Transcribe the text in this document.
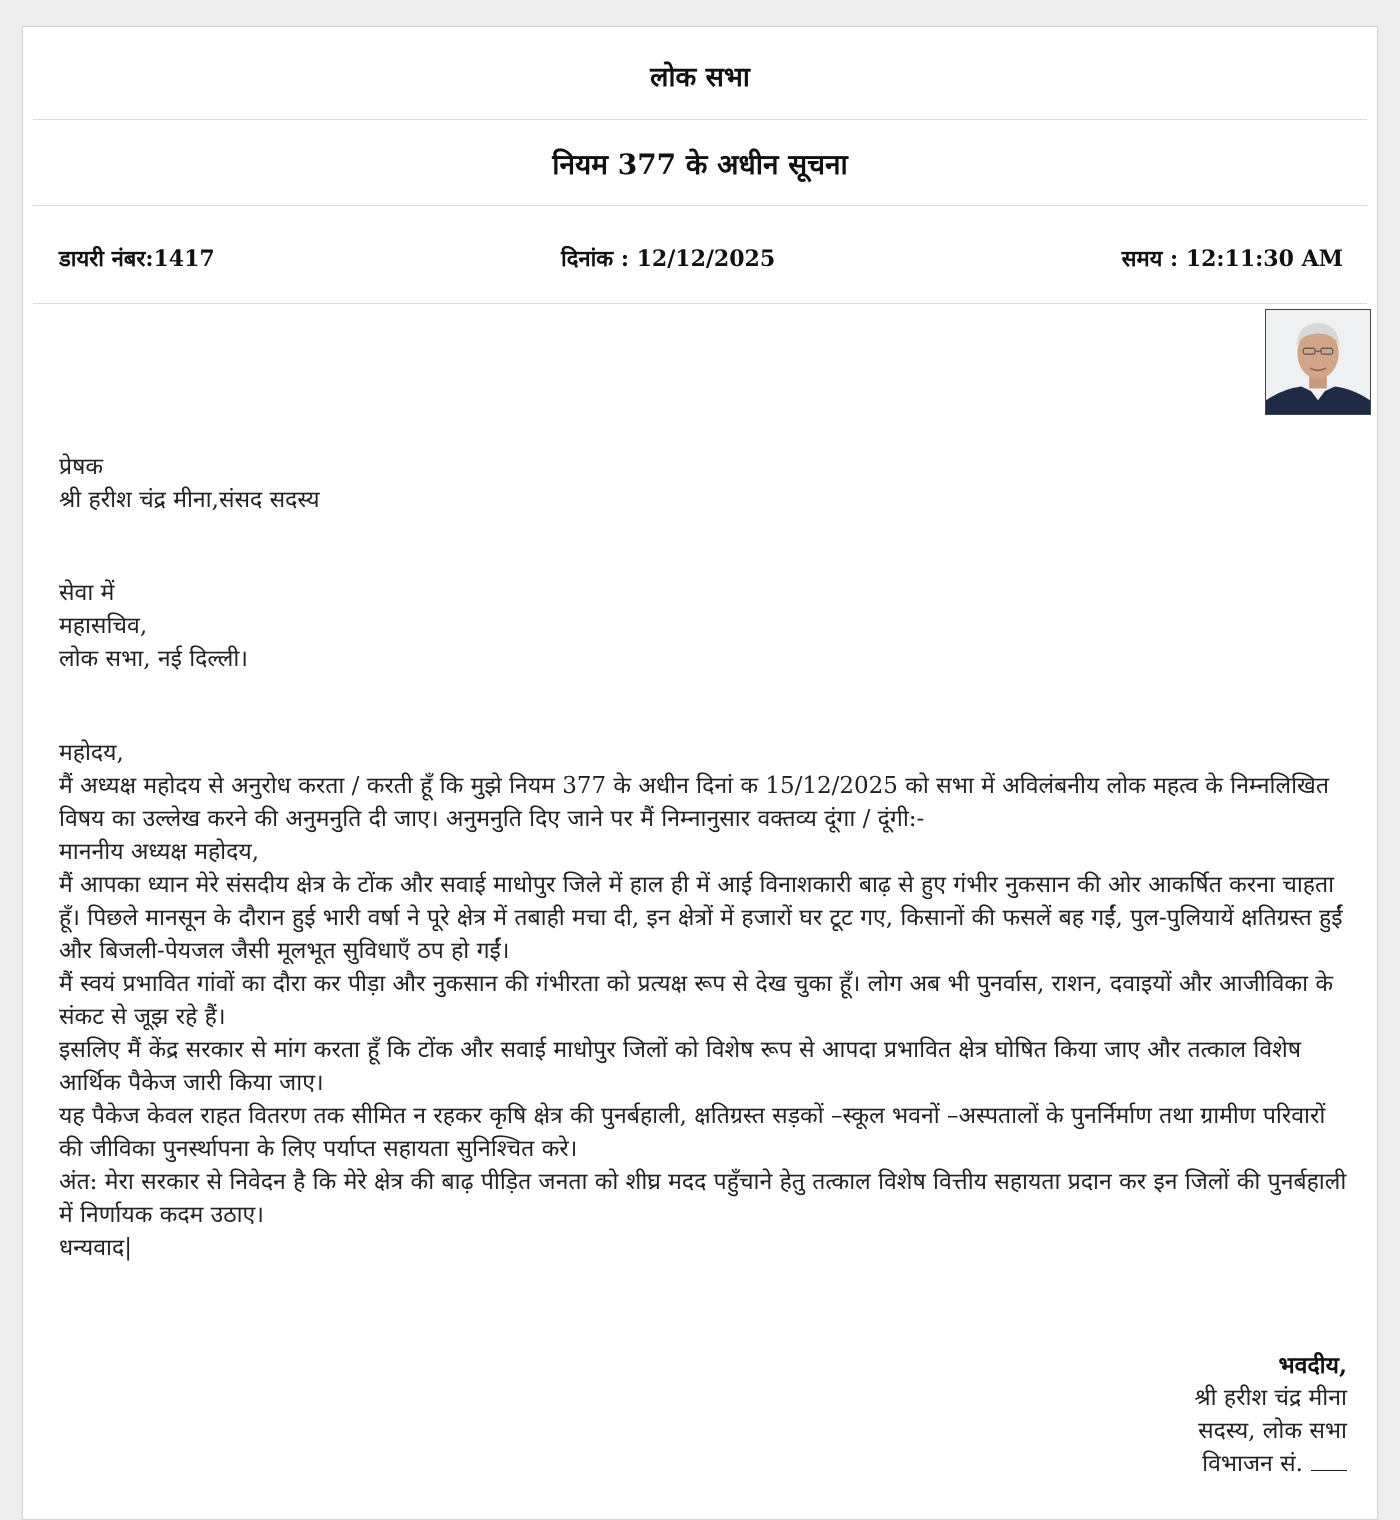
लोक सभा
नियम 377 के अधीन सूचना
डायरी नंबर:1417	दिनांक : 12/12/2025	समय : 12:11:30 AM

प्रेषक

श्री हरीश चंद्र मीना,संसद सदस्य

सेवा में

महासचिव,

लोक सभा, नई दिल्ली।

महोदय,

मैं अध्यक्ष महोदय से अनुरोध करता / करती हूँ कि मुझे नियम 377 के अधीन दिनां क 15/12/2025 को सभा में अविलंबनीय लोक महत्व के निम्नलिखित विषय का उल्लेख करने की अनुमनुति दी जाए। अनुमनुति दिए जाने पर मैं निम्नानुसार वक्तव्य दूंगा / दूंगी:-

माननीय अध्यक्ष महोदय,

मैं आपका ध्यान मेरे संसदीय क्षेत्र के टोंक और सवाई माधोपुर जिले में हाल ही में आई विनाशकारी बाढ़ से हुए गंभीर नुकसान की ओर आकर्षित करना चाहता हूँ। पिछले मानसून के दौरान हुई भारी वर्षा ने पूरे क्षेत्र में तबाही मचा दी, इन क्षेत्रों में हजारों घर टूट गए, किसानों की फसलें बह गईं, पुल-पुलियायें क्षतिग्रस्त हुईं और बिजली-पेयजल जैसी मूलभूत सुविधाएँ ठप हो गईं।

मैं स्वयं प्रभावित गांवों का दौरा कर पीड़ा और नुकसान की गंभीरता को प्रत्यक्ष रूप से देख चुका हूँ। लोग अब भी पुनर्वास, राशन, दवाइयों और आजीविका के संकट से जूझ रहे हैं।

इसलिए मैं केंद्र सरकार से मांग करता हूँ कि टोंक और सवाई माधोपुर जिलों को विशेष रूप से आपदा प्रभावित क्षेत्र घोषित किया जाए और तत्काल विशेष आर्थिक पैकेज जारी किया जाए।

यह पैकेज केवल राहत वितरण तक सीमित न रहकर कृषि क्षेत्र की पुनर्बहाली, क्षतिग्रस्त सड़कों –स्कूल भवनों –अस्पतालों के पुनर्निर्माण तथा ग्रामीण परिवारों की जीविका पुनर्स्थापना के लिए पर्याप्त सहायता सुनिश्चित करे।

अंत: मेरा सरकार से निवेदन है कि मेरे क्षेत्र की बाढ़ पीड़ित जनता को शीघ्र मदद पहुँचाने हेतु तत्काल विशेष वित्तीय सहायता प्रदान कर इन जिलों की पुनर्बहाली में निर्णायक कदम उठाए।

धन्यवाद|

भवदीय,
श्री हरीश चंद्र मीना
सदस्य, लोक सभा
विभाजन सं.
